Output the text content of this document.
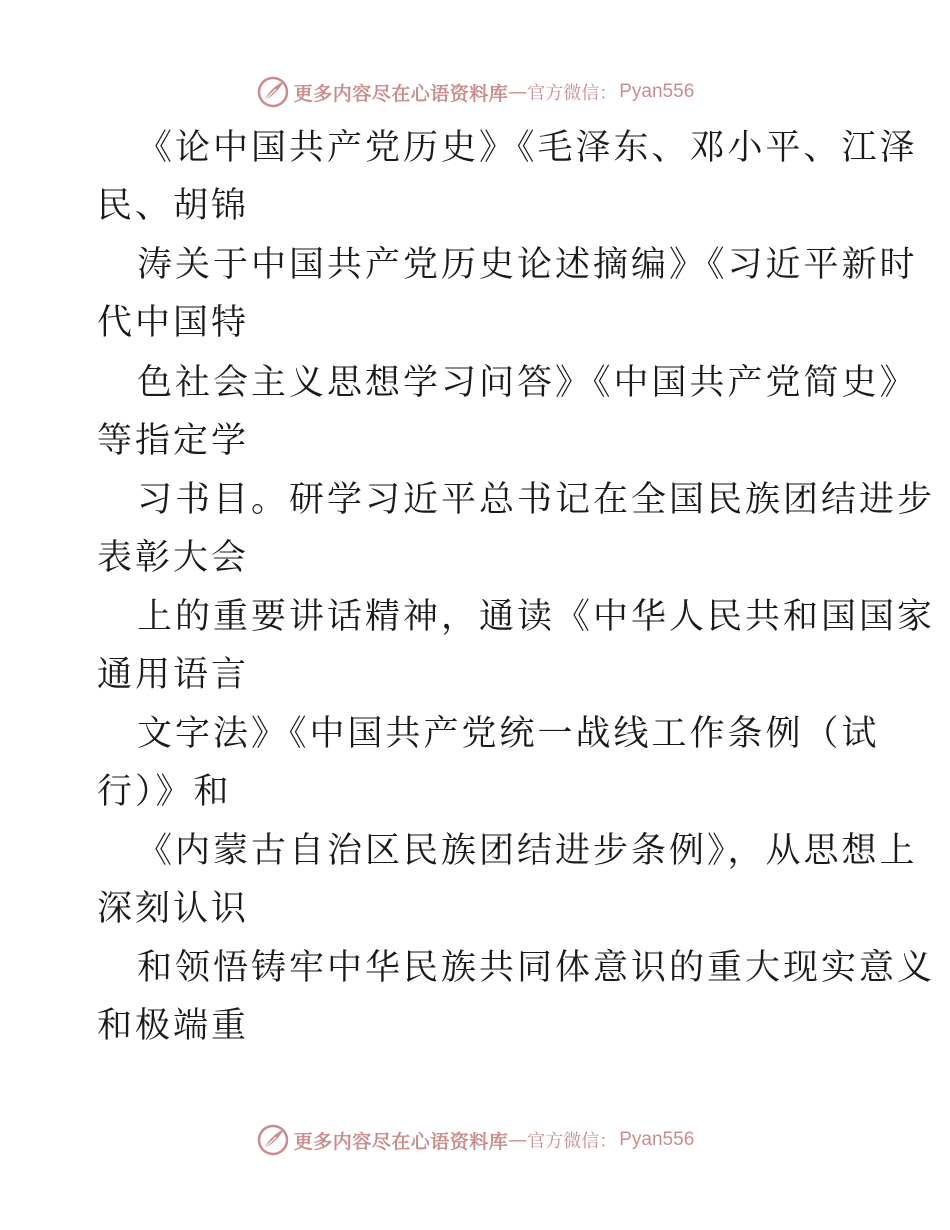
更多内容尽在心语资料库 — 官方微信： Pyan556
《论中国共产党历史》《毛泽东、邓小平、江泽
民、胡锦
涛关于中国共产党历史论述摘编》《习近平新时
代中国特
色社会主义思想学习问答》《中国共产党简史》
等指定学
习书目。研学习近平总书记在全国民族团结进步
表彰大会
上的重要讲话精神，通读《中华人民共和国国家
通用语言
文字法》《中国共产党统一战线工作条例（试
行）》和
《内蒙古自治区民族团结进步条例》，从思想上
深刻认识
和领悟铸牢中华民族共同体意识的重大现实意义
和极端重
更多内容尽在心语资料库 — 官方微信： Pyan556
